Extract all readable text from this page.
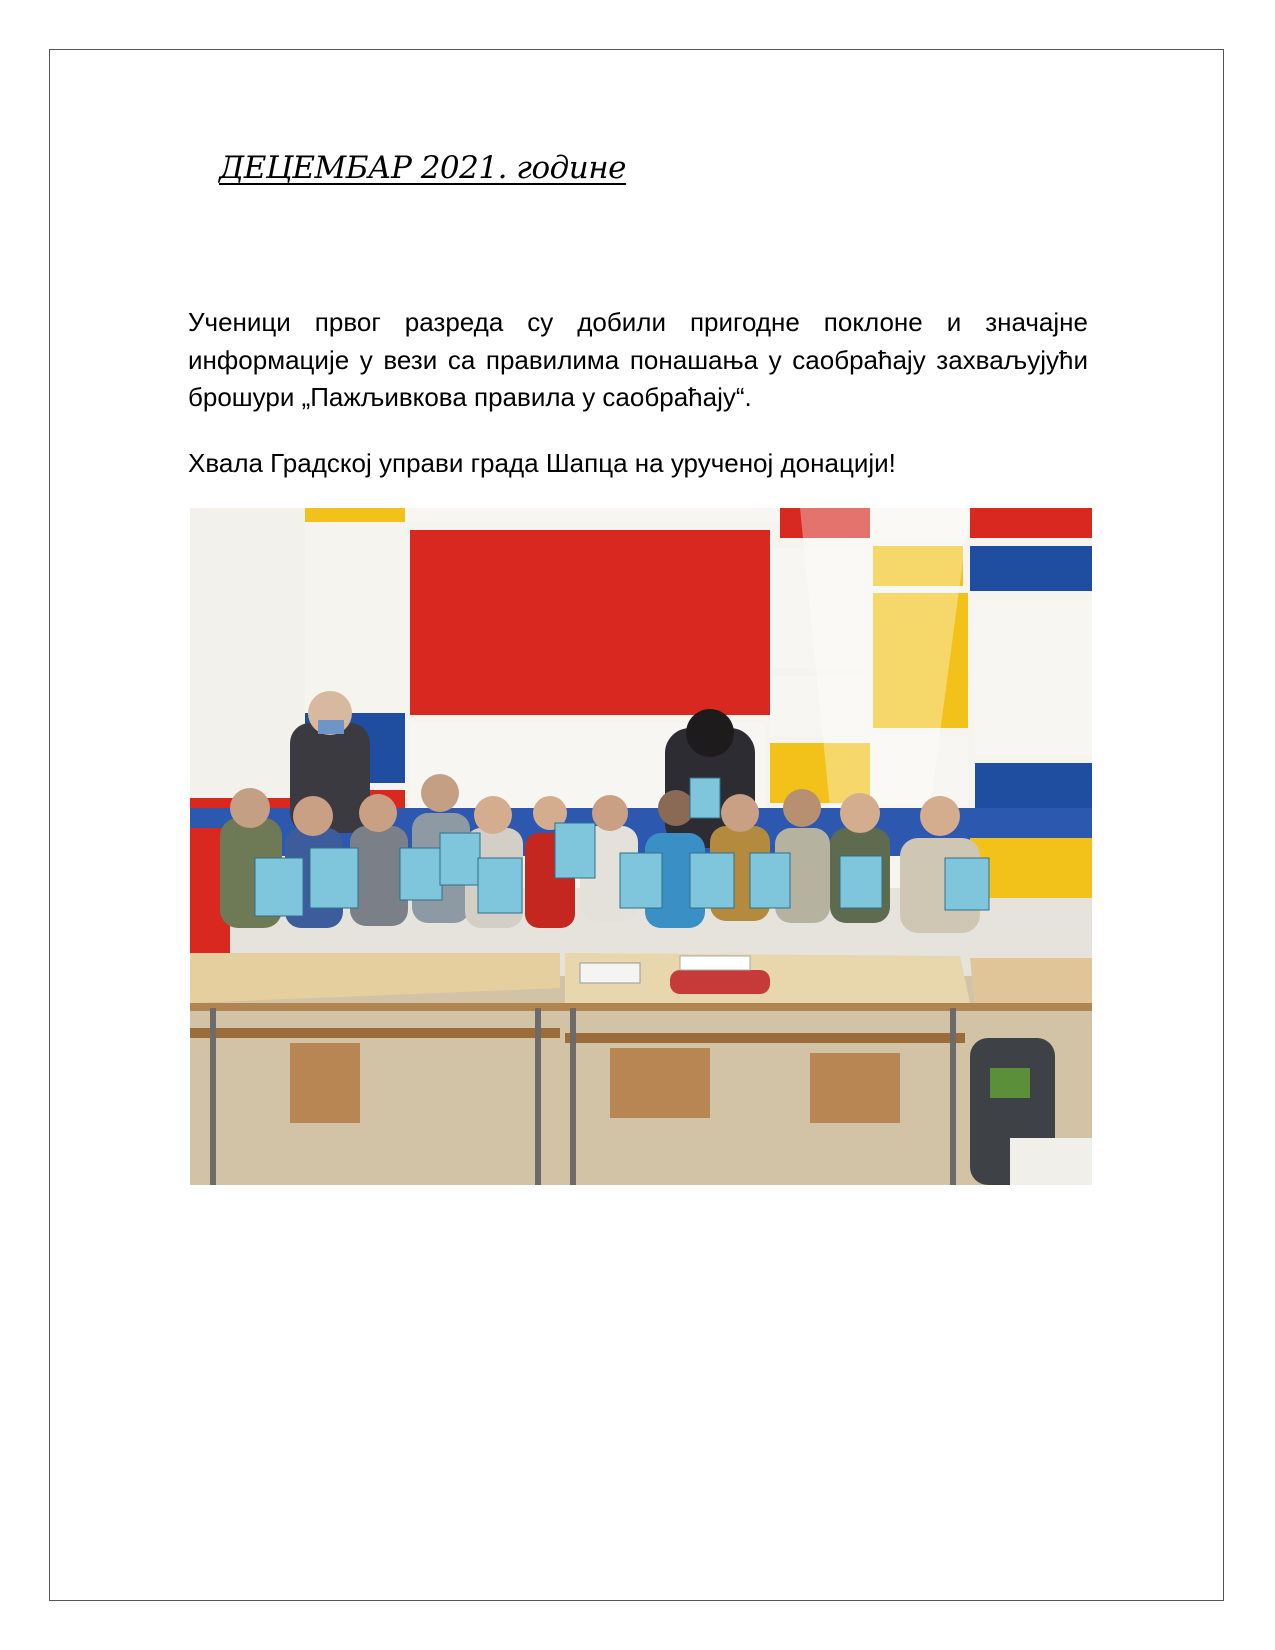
ДЕЦЕМБАР 2021. године

Ученици првог разреда су добили пригодне поклоне и значајне информације у вези са правилима понашања у саобраћају захваљујући брошури „Пажљивкова правила у саобраћају“.

Хвала Градској управи града Шапца на урученој донацији!
